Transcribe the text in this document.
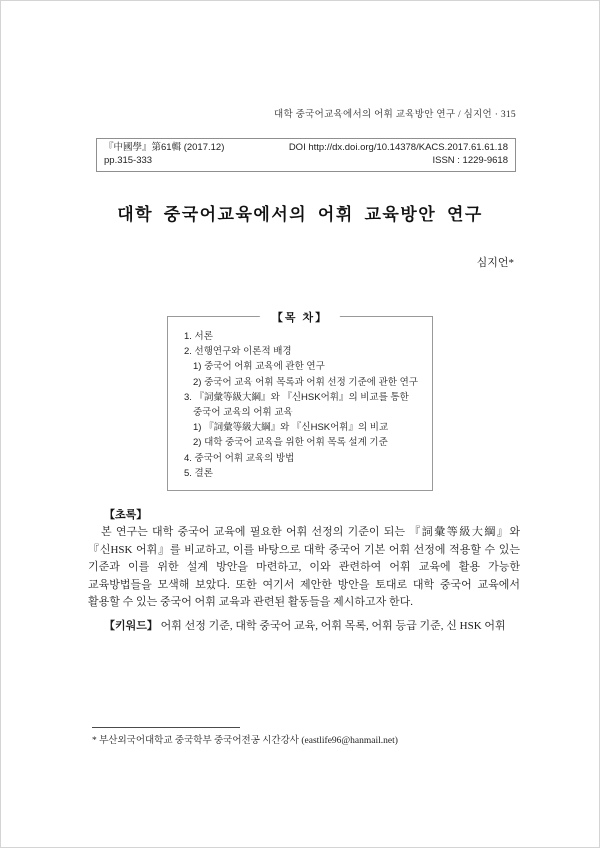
대학 중국어교육에서의 어휘 교육방안 연구 / 심지언 · 315
『中國學』第61輯 (2017.12)
pp.315-333
DOI http://dx.doi.org/10.14378/KACS.2017.61.61.18
ISSN : 1229-9618
대학 중국어교육에서의 어휘 교육방안 연구
심지언*
【목 차】
1. 서론
2. 선행연구와 이론적 배경
1) 중국어 어휘 교육에 관한 연구
2) 중국어 교육 어휘 목록과 어휘 선정 기준에 관한 연구
3. 『詞彙等級大綱』와 『신HSK어휘』의 비교를 통한
중국어 교육의 어휘 교육
1) 『詞彙等級大綱』와 『신HSK어휘』의 비교
2) 대학 중국어 교육을 위한 어휘 목록 설계 기준
4. 중국어 어휘 교육의 방법
5. 결론
【초록】
본 연구는 대학 중국어 교육에 필요한 어휘 선정의 기준이 되는 『詞彙等級大綱』와 『신HSK 어휘』를 비교하고, 이를 바탕으로 대학 중국어 기본 어휘 선정에 적용할 수 있는 기준과 이를 위한 설계 방안을 마련하고, 이와 관련하여 어휘 교육에 활용 가능한 교육방법들을 모색해 보았다. 또한 여기서 제안한 방안을 토대로 대학 중국어 교육에서 활용할 수 있는 중국어 어휘 교육과 관련된 활동들을 제시하고자 한다.
【키워드】 어휘 선정 기준, 대학 중국어 교육, 어휘 목록, 어휘 등급 기준, 신 HSK 어휘
* 부산외국어대학교 중국학부 중국어전공 시간강사 (eastlife96@hanmail.net)
